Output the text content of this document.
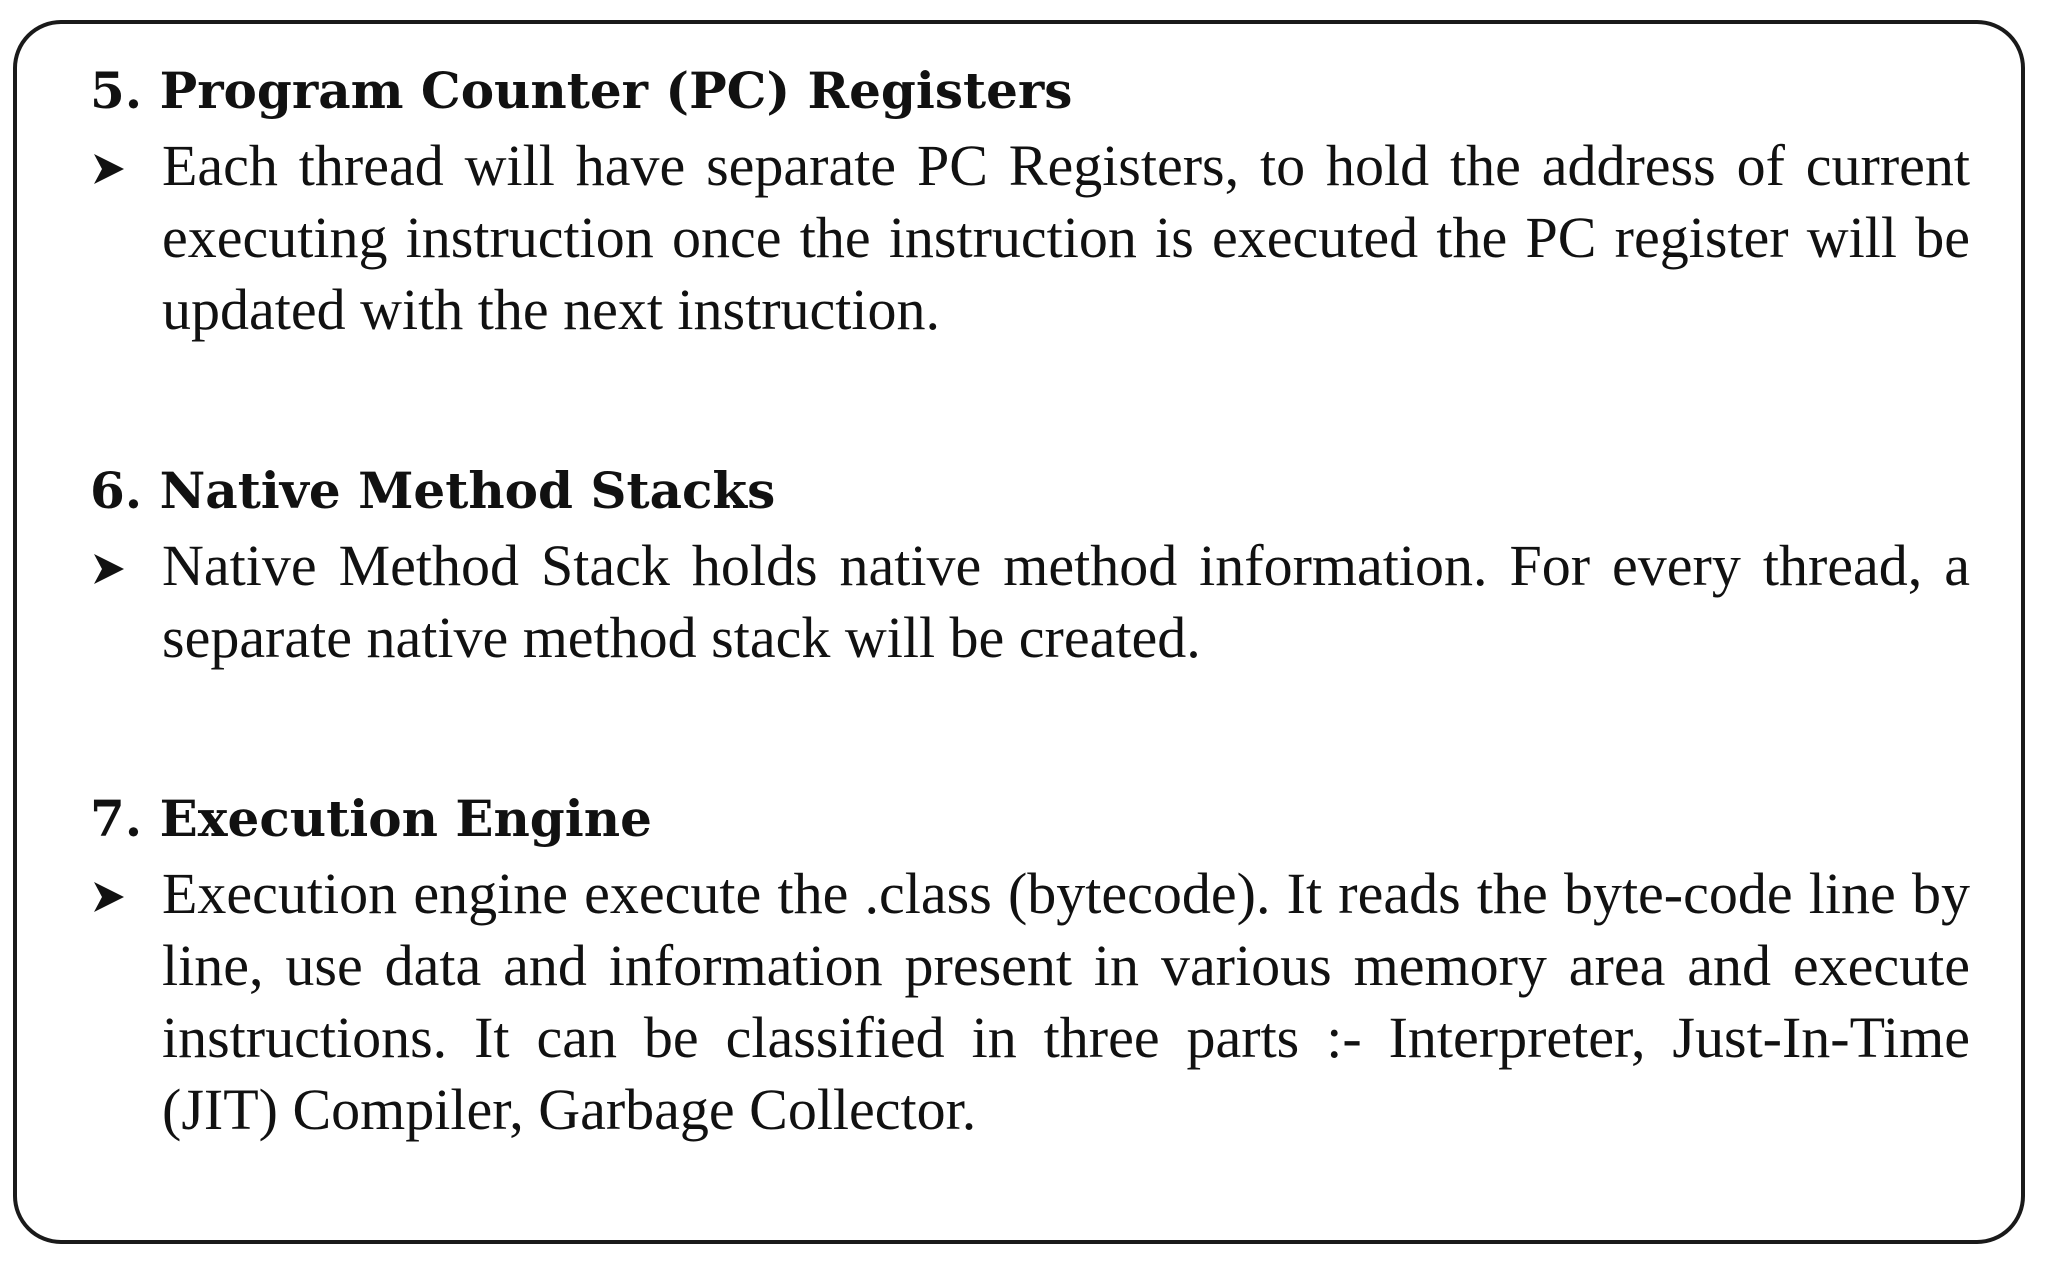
5. Program Counter (PC) Registers

Each thread will have separate PC Registers, to hold the address of current executing instruction once the instruction is executed the PC register will be updated with the next instruction.

6. Native Method Stacks

Native Method Stack holds native method information. For every thread, a separate native method stack will be created.

7. Execution Engine

Execution engine execute the .class (bytecode). It reads the byte-code line by line, use data and information present in various memory area and execute instructions. It can be classified in three parts :- Interpreter, Just-In-Time (JIT) Compiler, Garbage Collector.
